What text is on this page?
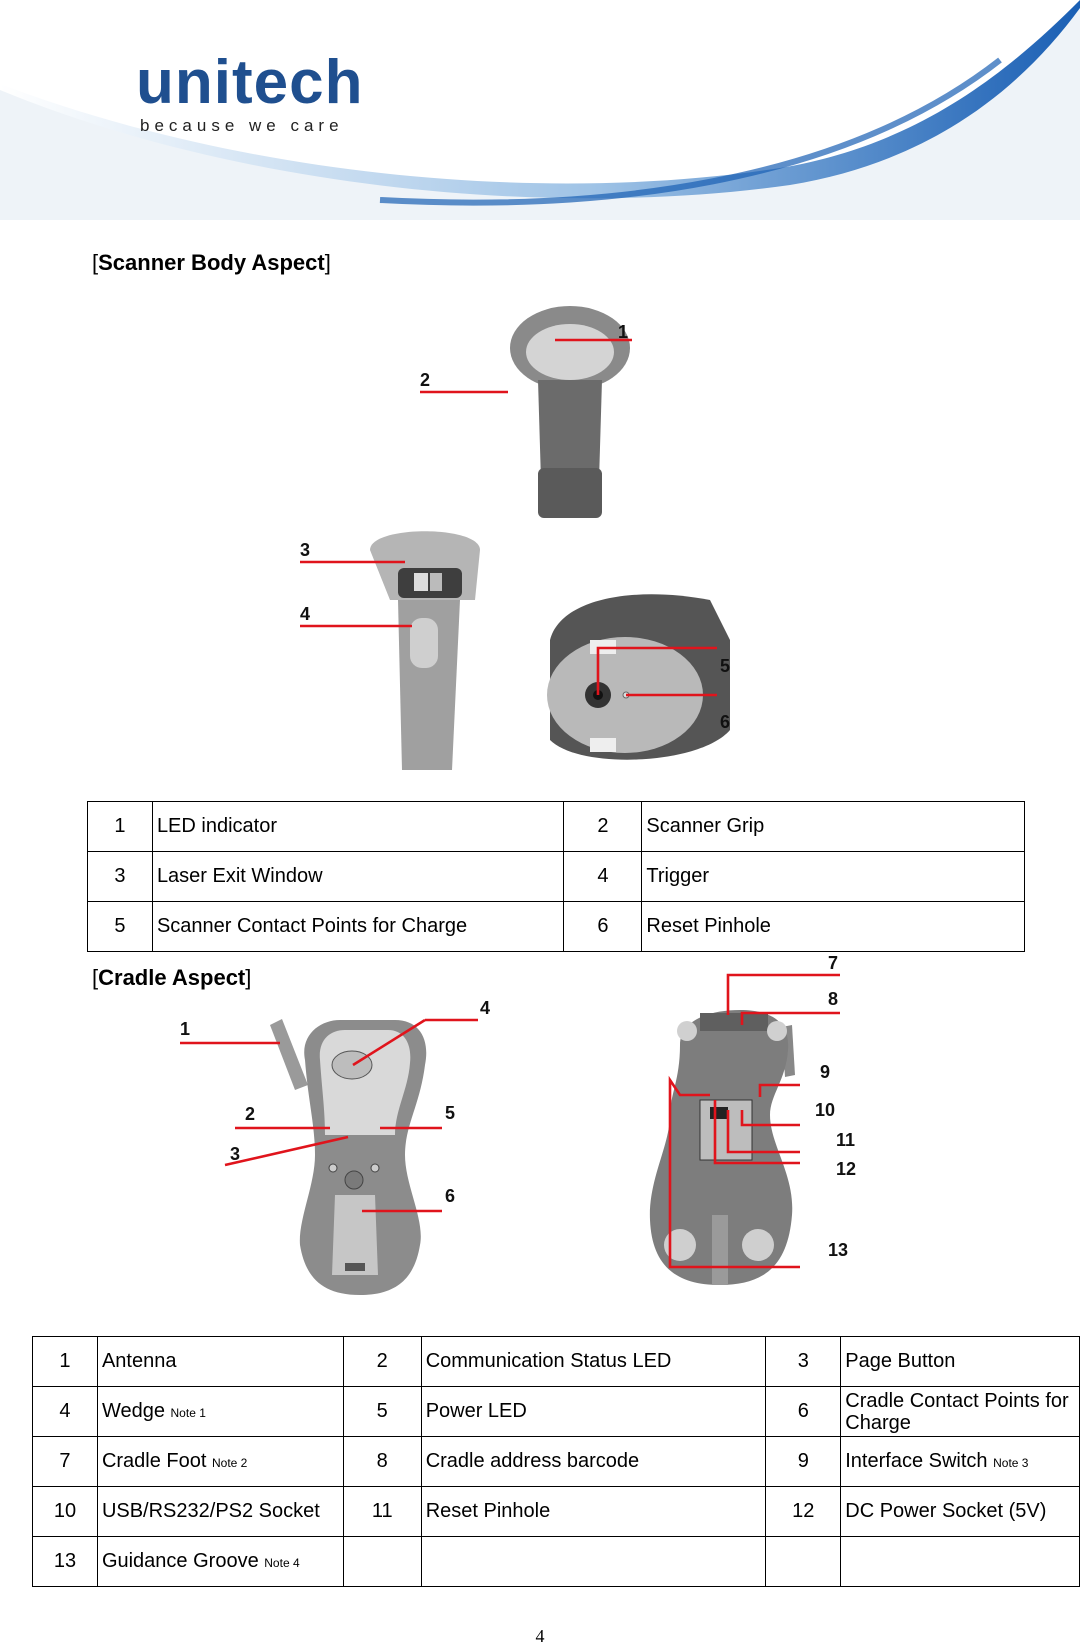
unitech
because we care
[Scanner Body Aspect]
1
2
3
4
5
6
1	LED indicator	2	Scanner Grip
3	Laser Exit Window	4	Trigger
5	Scanner Contact Points for Charge	6	Reset Pinhole
[Cradle Aspect]
1
2
3
4
5
6
7
8
9
10
11
12
13
1	Antenna	2	Communication Status LED	3	Page Button
4	Wedge Note 1	5	Power LED	6	Cradle Contact Points for Charge
7	Cradle Foot Note 2	8	Cradle address barcode	9	Interface Switch Note 3
10	USB/RS232/PS2 Socket	11	Reset Pinhole	12	DC Power Socket (5V)
13	Guidance Groove Note 4				
4
